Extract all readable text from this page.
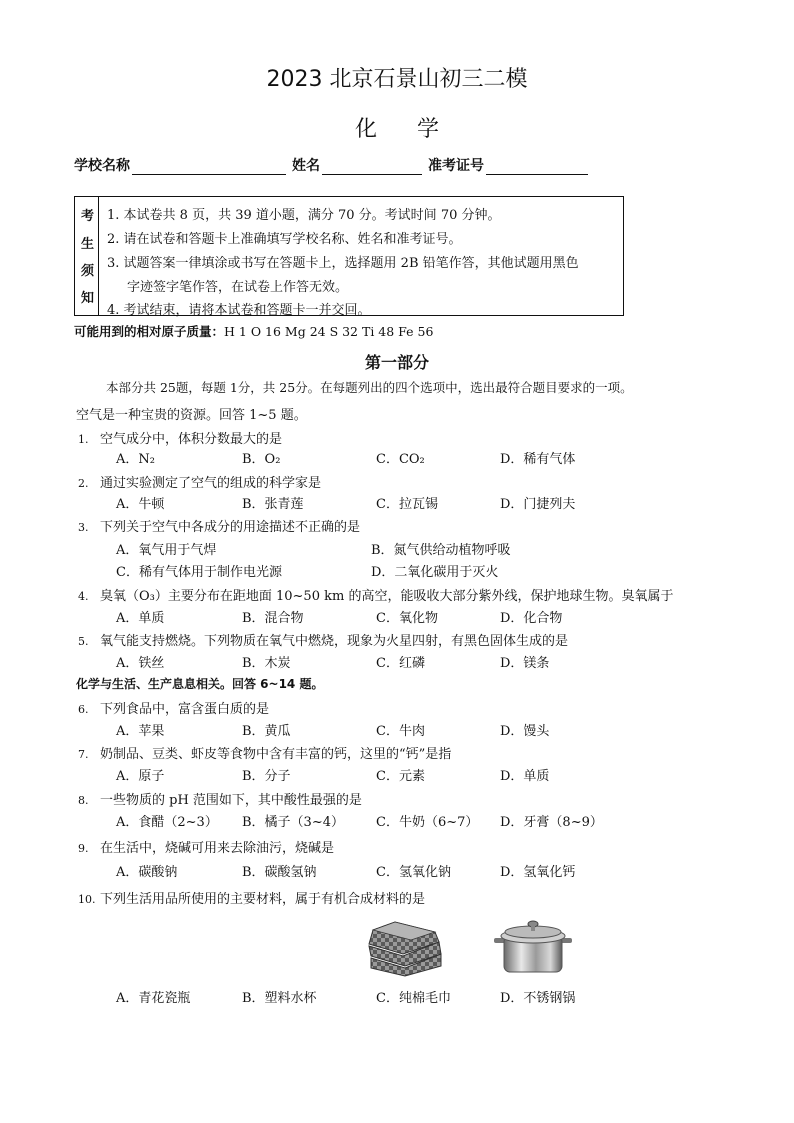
2023 北京石景山初三二模
化学
学校名称	姓名	准考证号
考
生
须
知
1. 本试卷共 8 页，共 39 道小题，满分 70 分。考试时间 70 分钟。
2. 请在试卷和答题卡上准确填写学校名称、姓名和准考证号。
3. 试题答案一律填涂或书写在答题卡上，选择题用 2B 铅笔作答，其他试题用黑色
字迹签字笔作答，在试卷上作答无效。
4. 考试结束，请将本试卷和答题卡一并交回。
可能用到的相对原子质量：H 1 O 16 Mg 24 S 32 Ti 48 Fe 56
第一部分
本部分共 25题，每题 1分，共 25分。在每题列出的四个选项中，选出最符合题目要求的一项。
空气是一种宝贵的资源。回答 1~5 题。
1. 空气成分中，体积分数最大的是
A．N₂	B．O₂	C．CO₂	D．稀有气体
2. 通过实验测定了空气的组成的科学家是
A．牛顿	B．张青莲	C．拉瓦锡	D．门捷列夫
3. 下列关于空气中各成分的用途描述不正确的是
A．氧气用于气焊	B．氮气供给动植物呼吸
C．稀有气体用于制作电光源	D．二氧化碳用于灭火
4. 臭氧（O₃）主要分布在距地面 10~50 km 的高空，能吸收大部分紫外线，保护地球生物。臭氧属于
A．单质	B．混合物	C．氧化物	D．化合物
5. 氧气能支持燃烧。下列物质在氧气中燃烧，现象为火星四射，有黑色固体生成的是
A．铁丝	B．木炭	C．红磷	D．镁条
化学与生活、生产息息相关。回答 6~14 题。
6. 下列食品中，富含蛋白质的是
A．苹果	B．黄瓜	C．牛肉	D．馒头
7. 奶制品、豆类、虾皮等食物中含有丰富的钙，这里的“钙”是指
A．原子	B．分子	C．元素	D．单质
8. 一些物质的 pH 范围如下，其中酸性最强的是
A．食醋（2~3） B．橘子（3~4） C．牛奶（6~7） D．牙膏（8~9）
9. 在生活中，烧碱可用来去除油污，烧碱是
A．碳酸钠	B．碳酸氢钠	C．氢氧化钠	D．氢氧化钙
10. 下列生活用品所使用的主要材料，属于有机合成材料的是
A．青花瓷瓶	B．塑料水杯	C．纯棉毛巾	D．不锈钢锅
